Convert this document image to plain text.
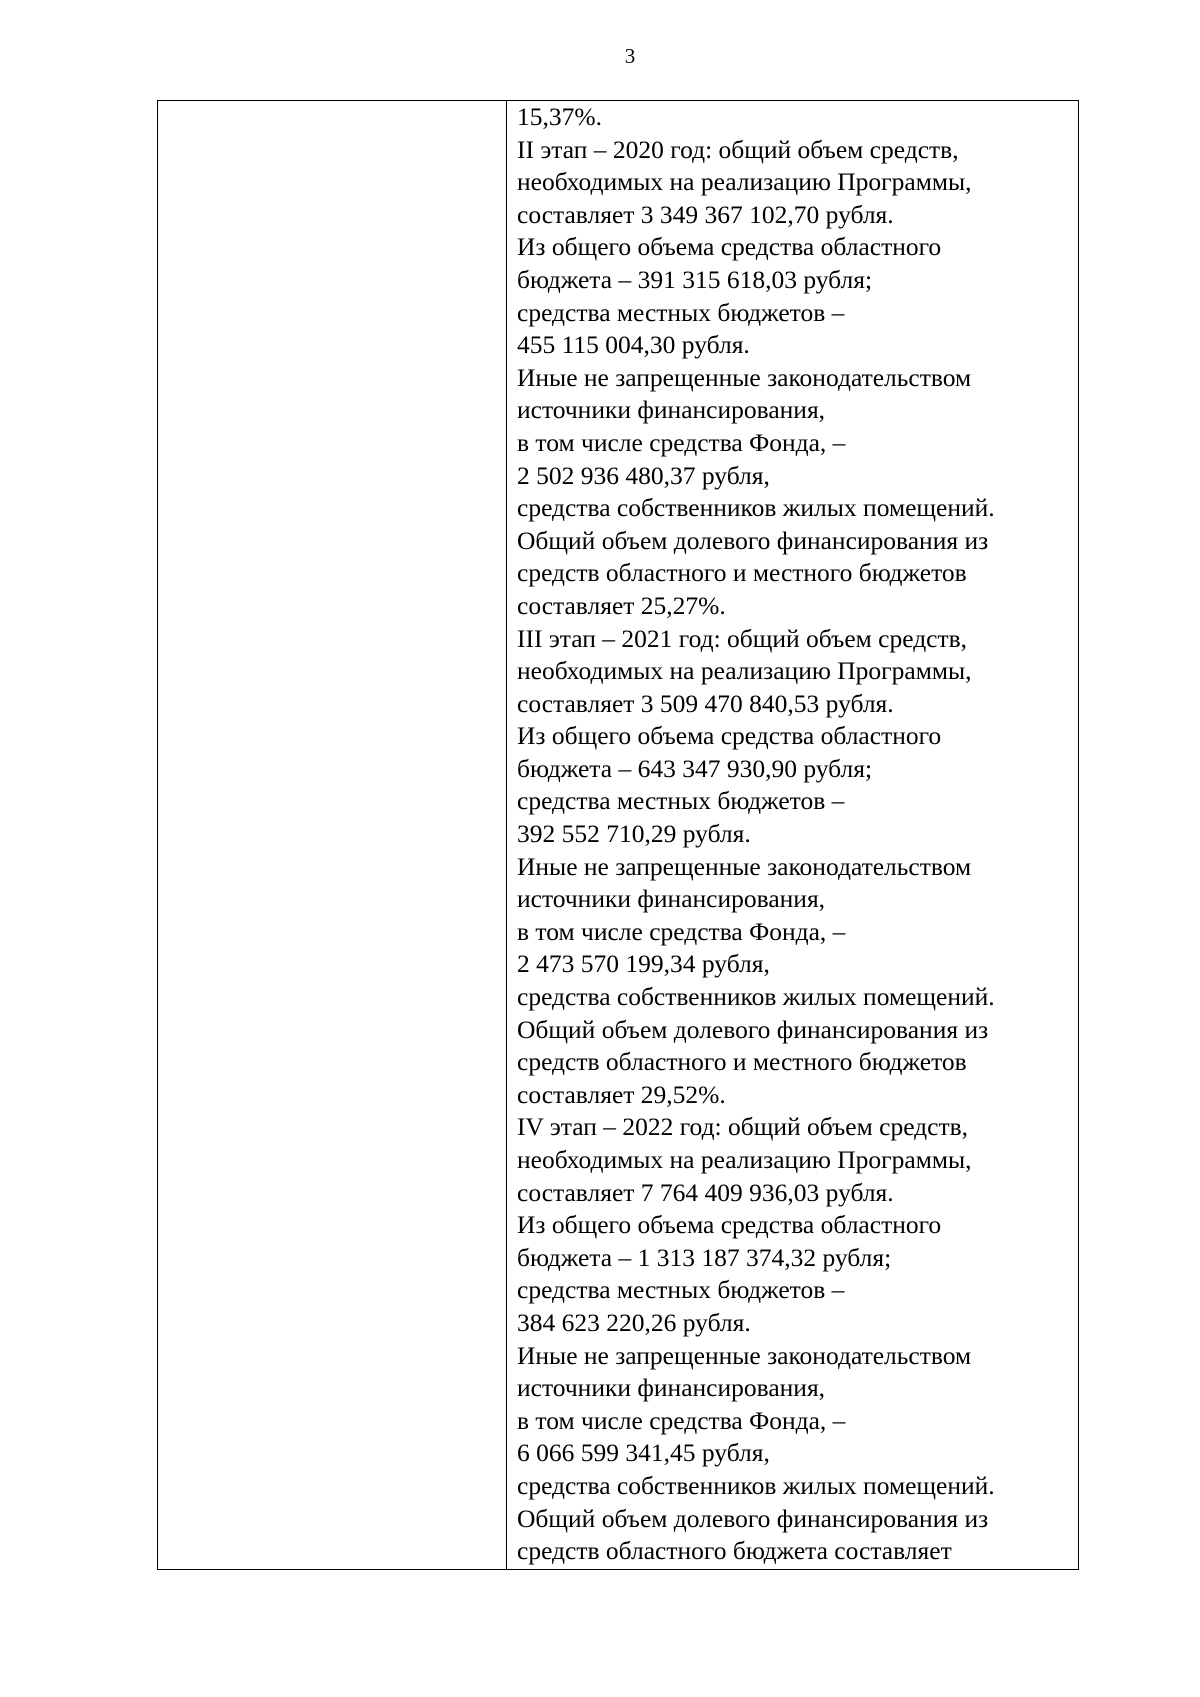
3
15,37%.
II этап – 2020 год: общий объем средств,
необходимых на реализацию Программы,
составляет 3 349 367 102,70 рубля.
Из общего объема средства областного
бюджета – 391 315 618,03 рубля;
средства местных бюджетов –
455 115 004,30 рубля.
Иные не запрещенные законодательством
источники финансирования,
в том числе средства Фонда, –
2 502 936 480,37 рубля,
средства собственников жилых помещений.
Общий объем долевого финансирования из
средств областного и местного бюджетов
составляет 25,27%.
III этап – 2021 год: общий объем средств,
необходимых на реализацию Программы,
составляет 3 509 470 840,53 рубля.
Из общего объема средства областного
бюджета – 643 347 930,90 рубля;
средства местных бюджетов –
392 552 710,29 рубля.
Иные не запрещенные законодательством
источники финансирования,
в том числе средства Фонда, –
2 473 570 199,34 рубля,
средства собственников жилых помещений.
Общий объем долевого финансирования из
средств областного и местного бюджетов
составляет 29,52%.
IV этап – 2022 год: общий объем средств,
необходимых на реализацию Программы,
составляет 7 764 409 936,03 рубля.
Из общего объема средства областного
бюджета – 1 313 187 374,32 рубля;
средства местных бюджетов –
384 623 220,26 рубля.
Иные не запрещенные законодательством
источники финансирования,
в том числе средства Фонда, –
6 066 599 341,45 рубля,
средства собственников жилых помещений.
Общий объем долевого финансирования из
средств областного бюджета составляет
